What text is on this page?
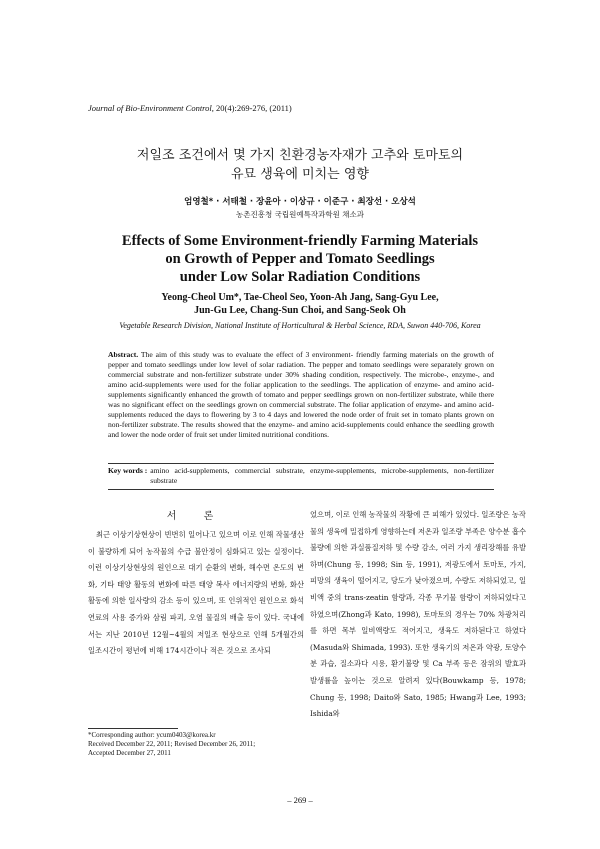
Journal of Bio-Environment Control, 20(4):269-276, (2011)
저일조 조건에서 몇 가지 친환경농자재가 고추와 토마토의
유묘 생육에 미치는 영향
엄영철* · 서태철 · 장윤아 · 이상규 · 이준구 · 최장선 · 오상석
농촌진흥청 국립원예특작과학원 채소과
Effects of Some Environment-friendly Farming Materials
on Growth of Pepper and Tomato Seedlings
under Low Solar Radiation Conditions
Yeong-Cheol Um*, Tae-Cheol Seo, Yoon-Ah Jang, Sang-Gyu Lee,
Jun-Gu Lee, Chang-Sun Choi, and Sang-Seok Oh
Vegetable Research Division, National Institute of Horticultural & Herbal Science, RDA, Suwon 440-706, Korea
Abstract. The aim of this study was to evaluate the effect of 3 environment- friendly farming materials on the growth of pepper and tomato seedlings under low level of solar radiation. The pepper and tomato seedlings were separately grown on commercial substrate and non-fertilizer substrate under 30% shading condition, respectively. The microbe-, enzyme-, and amino acid-supplements were used for the foliar application to the seedlings. The application of enzyme- and amino acid-supplements significantly enhanced the growth of tomato and pepper seedlings grown on non-fertilizer substrate, while there was no significant effect on the seedlings grown on commercial substrate. The foliar application of enzyme- and amino acid-supplements reduced the days to flowering by 3 to 4 days and lowered the node order of fruit set in tomato plants grown on non-fertilizer substrate. The results showed that the enzyme- and amino acid-supplements could enhance the seedling growth and lower the node order of fruit set under limited nutritional conditions.
Key words : amino acid-supplements, commercial substrate, enzyme-supplements, microbe-supplements, non-fertilizer substrate
서 론

최근 이상기상현상이 빈번히 일어나고 있으며 이로 인해 작물생산이 불량하게 되어 농작물의 수급 불안정이 심화되고 있는 실정이다. 이런 이상기상현상의 원인으로 대기 순환의 변화, 해수면 온도의 변화, 기타 태양 활동의 변화에 따른 태양 복사 에너지량의 변화, 화산 활동에 의한 일사량의 감소 등이 있으며, 또 인위적인 원인으로 화석 연료의 사용 증가와 삼림 파괴, 오염 물질의 배출 등이 있다. 국내에서는 지난 2010년 12월~4월의 저일조 현상으로 인해 5개월간의 일조시간이 평년에 비해 174시간이나 적은 것으로 조사되

었으며, 이로 인해 농작물의 작황에 큰 피해가 있었다. 일조량은 농작물의 생육에 밀접하게 영향하는데 저온과 일조량 부족은 양수분 흡수불량에 의한 과실품질저하 및 수량 감소, 여러 가지 생리장해를 유발하며(Chung 등, 1998; Sin 등, 1991), 저광도에서 토마토, 가지, 피망의 생육이 떨어지고, 당도가 낮아졌으며, 수량도 저하되었고, 일비액 중의 trans-zeatin 함량과, 각종 무기물 함량이 저하되었다고 하였으며(Zhong과 Kato, 1998), 토마토의 경우는 70% 차광처리를 하면 목부 일비액량도 적어지고, 생육도 저하된다고 하였다(Masuda와 Shimada, 1993). 또한 생육기의 저온과 약광, 토양수분 과습, 질소과다 시용, 환기불량 및 Ca 부족 등은 잠위의 발효과 발생률을 높이는 것으로 알려져 있다(Bouwkamp 등, 1978; Chung 등, 1998; Daito와 Sato, 1985; Hwang과 Lee, 1993; Ishida와

*Corresponding author: ycum0403@korea.kr
Received December 22, 2011; Revised December 26, 2011;
Accepted December 27, 2011
– 269 –
